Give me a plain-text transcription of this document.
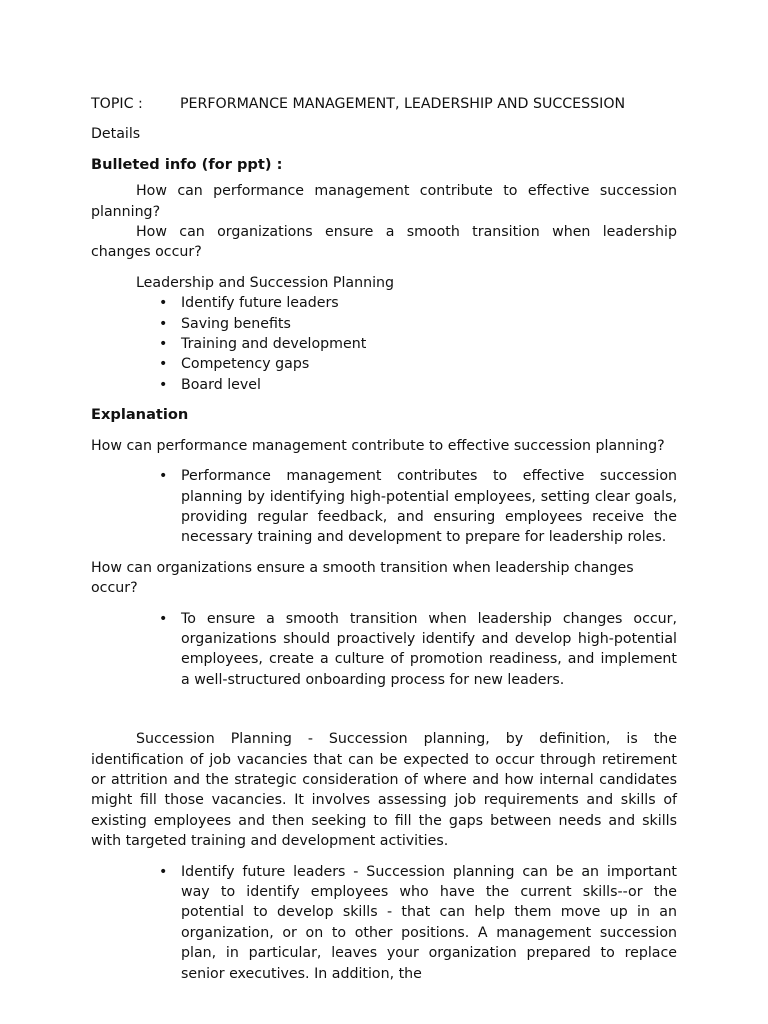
TOPIC :	PERFORMANCE MANAGEMENT, LEADERSHIP AND SUCCESSION

Details

Bulleted info (for ppt) :

How can performance management contribute to effective succession planning?

How can organizations ensure a smooth transition when leadership changes occur?

Leadership and Succession Planning

• Identify future leaders
• Saving benefits
• Training and development
• Competency gaps
• Board level

Explanation

How can performance management contribute to effective succession planning?

• Performance management contributes to effective succession planning by identifying high-potential employees, setting clear goals, providing regular feedback, and ensuring employees receive the necessary training and development to prepare for leadership roles.

How can organizations ensure a smooth transition when leadership changes occur?

• To ensure a smooth transition when leadership changes occur, organizations should proactively identify and develop high-potential employees, create a culture of promotion readiness, and implement a well-structured onboarding process for new leaders.

Succession Planning - Succession planning, by definition, is the identification of job vacancies that can be expected to occur through retirement or attrition and the strategic consideration of where and how internal candidates might fill those vacancies. It involves assessing job requirements and skills of existing employees and then seeking to fill the gaps between needs and skills with targeted training and development activities.

• Identify future leaders - Succession planning can be an important way to identify employees who have the current skills--or the potential to develop skills - that can help them move up in an organization, or on to other positions. A management succession plan, in particular, leaves your organization prepared to replace senior executives. In addition, the
